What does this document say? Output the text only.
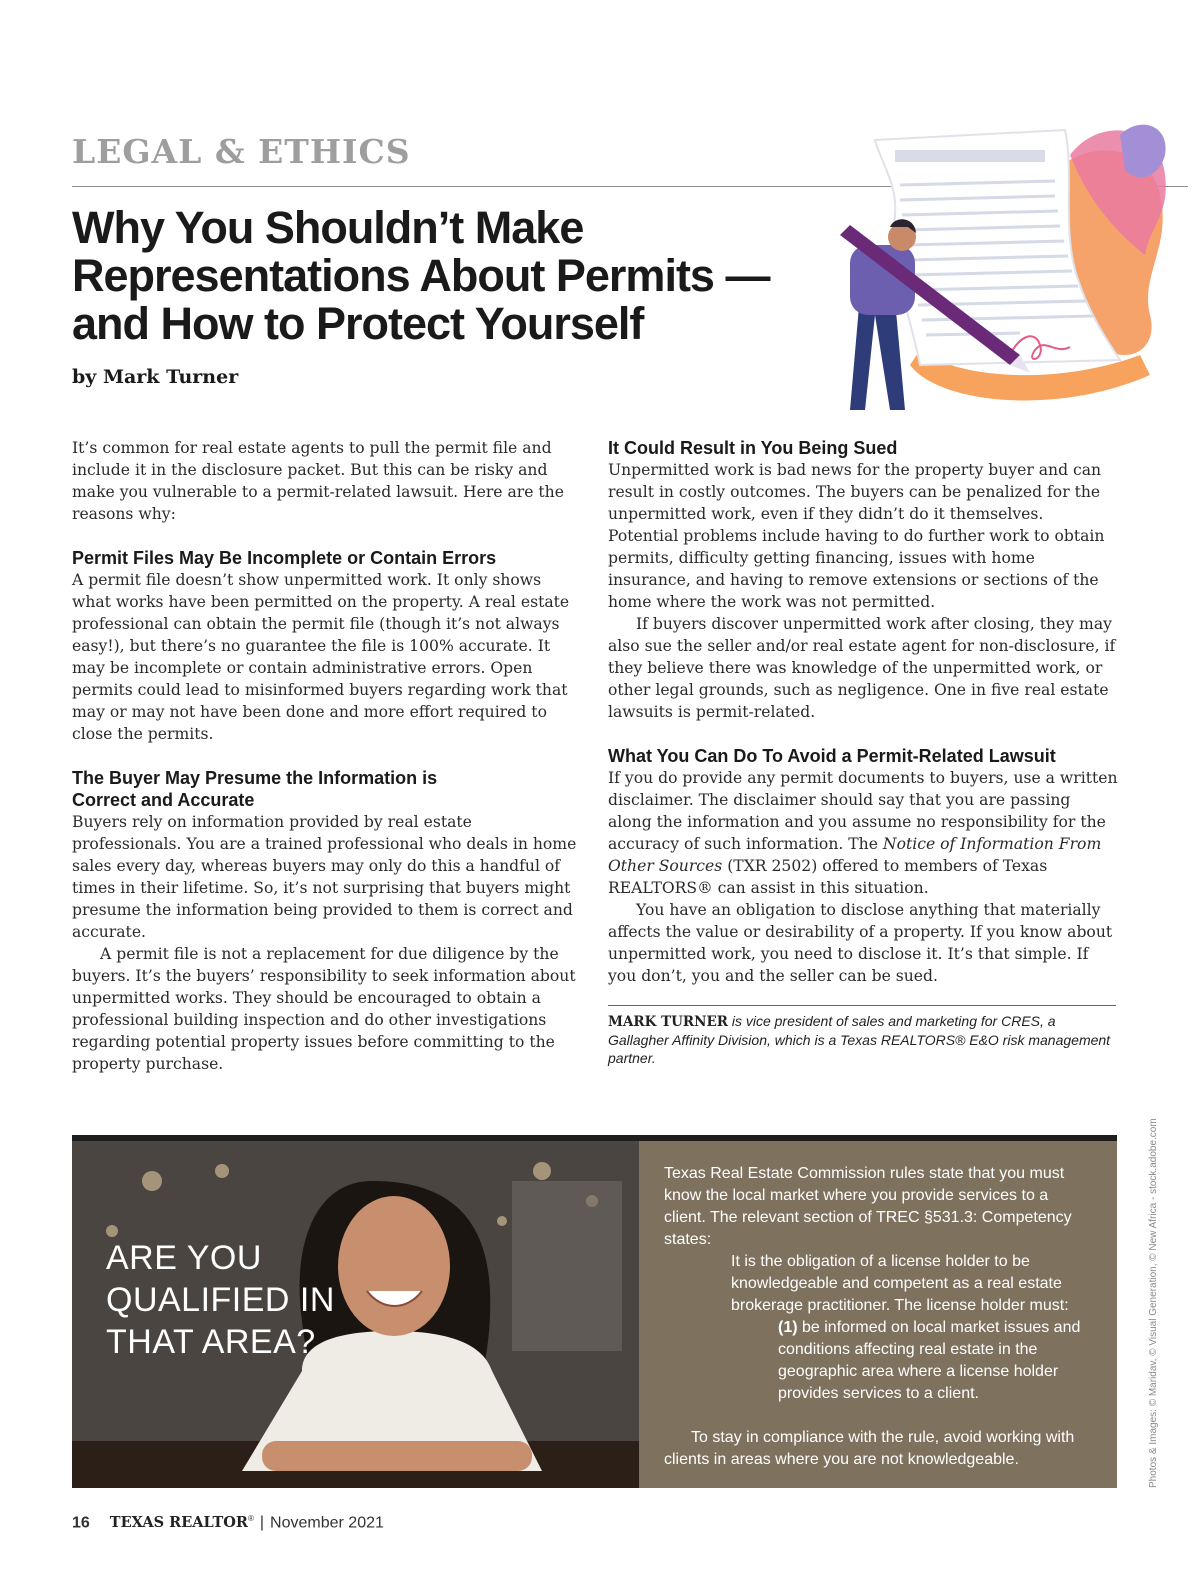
LEGAL & ETHICS
Why You Shouldn’t Make Representations About Permits — and How to Protect Yourself
by Mark Turner

It’s common for real estate agents to pull the permit file and include it in the disclosure packet. But this can be risky and make you vulnerable to a permit-related lawsuit. Here are the reasons why:

Permit Files May Be Incomplete or Contain Errors

A permit file doesn’t show unpermitted work. It only shows what works have been permitted on the property. A real estate professional can obtain the permit file (though it’s not always easy!), but there’s no guarantee the file is 100% accurate. It may be incomplete or contain administrative errors. Open permits could lead to misinformed buyers regarding work that may or may not have been done and more effort required to close the permits.

The Buyer May Presume the Information is Correct and Accurate

Buyers rely on information provided by real estate professionals. You are a trained professional who deals in home sales every day, whereas buyers may only do this a handful of times in their lifetime. So, it’s not surprising that buyers might presume the information being provided to them is correct and accurate.

A permit file is not a replacement for due diligence by the buyers. It’s the buyers’ responsibility to seek information about unpermitted works. They should be encouraged to obtain a professional building inspection and do other investigations regarding potential property issues before committing to the property purchase.

It Could Result in You Being Sued

Unpermitted work is bad news for the property buyer and can result in costly outcomes. The buyers can be penalized for the unpermitted work, even if they didn’t do it themselves. Potential problems include having to do further work to obtain permits, difficulty getting financing, issues with home insurance, and having to remove extensions or sections of the home where the work was not permitted.

If buyers discover unpermitted work after closing, they may also sue the seller and/or real estate agent for non-disclosure, if they believe there was knowledge of the unpermitted work, or other legal grounds, such as negligence. One in five real estate lawsuits is permit-related.

What You Can Do To Avoid a Permit-Related Lawsuit

If you do provide any permit documents to buyers, use a written disclaimer. The disclaimer should say that you are passing along the information and you assume no responsibility for the accuracy of such information. The Notice of Information From Other Sources (TXR 2502) offered to members of Texas REALTORS® can assist in this situation.

You have an obligation to disclose anything that materially affects the value or desirability of a property. If you know about unpermitted work, you need to disclose it. It’s that simple. If you don’t, you and the seller can be sued.

MARK TURNER is vice president of sales and marketing for CRES, a Gallagher Affinity Division, which is a Texas REALTORS® E&O risk management partner.
ARE YOU
QUALIFIED IN
THAT AREA?

Texas Real Estate Commission rules state that you must know the local market where you provide services to a client. The relevant section of TREC §531.3: Competency states:

It is the obligation of a license holder to be knowledgeable and competent as a real estate brokerage practitioner. The license holder must:

(1) be informed on local market issues and conditions affecting real estate in the geographic area where a license holder provides services to a client.

To stay in compliance with the rule, avoid working with clients in areas where you are not knowledgeable.	Photos & Images: © Maridav, © Visual Generation, © New Africa - stock.adobe.com
16 TEXAS REALTOR® | November 2021
